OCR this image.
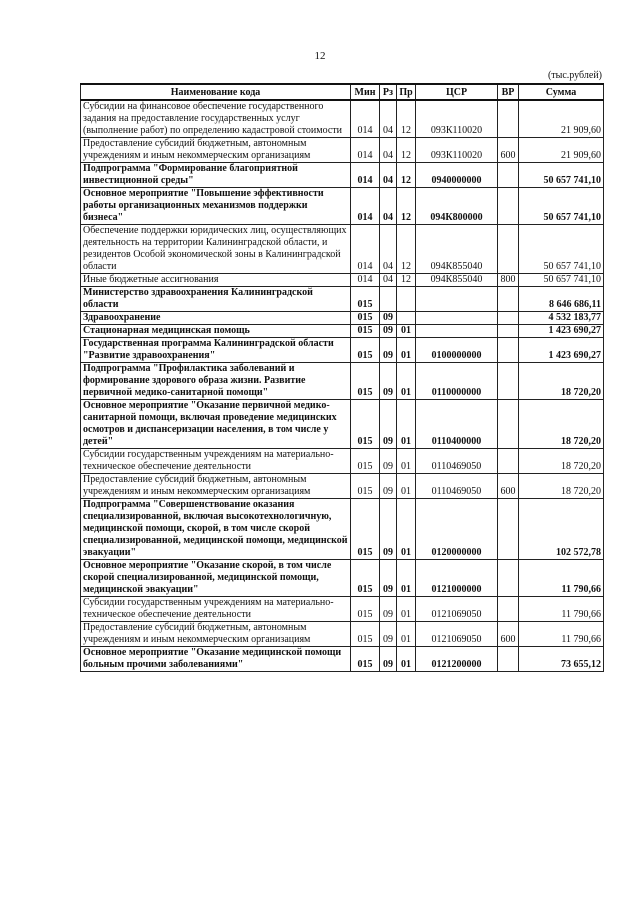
12
(тыс.рублей)
Наименование кода	Мин	Рз	Пр	ЦСР	ВР	Сумма
Субсидии на финансовое обеспечение государственного задания на предоставление государственных услуг (выполнение работ) по определению кадастровой стоимости	014	04	12	093К110020		21 909,60
Предоставление субсидий бюджетным, автономным учреждениям и иным некоммерческим организациям	014	04	12	093К110020	600	21 909,60
Подпрограмма "Формирование благоприятной инвестиционной среды"	014	04	12	0940000000		50 657 741,10
Основное мероприятие "Повышение эффективности работы организационных механизмов поддержки бизнеса"	014	04	12	094К800000		50 657 741,10
Обеспечение поддержки юридических лиц, осуществляющих деятельность на территории Калининградской области, и резидентов Особой экономической зоны в Калининградской области	014	04	12	094К855040		50 657 741,10
Иные бюджетные ассигнования	014	04	12	094К855040	800	50 657 741,10
Министерство здравоохранения Калининградской области	015					8 646 686,11
Здравоохранение	015	09				4 532 183,77
Стационарная медицинская помощь	015	09	01			1 423 690,27
Государственная программа Калининградской области "Развитие здравоохранения"	015	09	01	0100000000		1 423 690,27
Подпрограмма "Профилактика заболеваний и формирование здорового образа жизни. Развитие первичной медико-санитарной помощи"	015	09	01	0110000000		18 720,20
Основное мероприятие "Оказание первичной медико-санитарной помощи, включая проведение медицинских осмотров и диспансеризации населения, в том числе у детей"	015	09	01	0110400000		18 720,20
Субсидии государственным учреждениям на материально-техническое обеспечение деятельности	015	09	01	0110469050		18 720,20
Предоставление субсидий бюджетным, автономным учреждениям и иным некоммерческим организациям	015	09	01	0110469050	600	18 720,20
Подпрограмма "Совершенствование оказания специализированной, включая высокотехнологичную, медицинской помощи, скорой, в том числе скорой специализированной, медицинской помощи, медицинской эвакуации"	015	09	01	0120000000		102 572,78
Основное мероприятие "Оказание скорой, в том числе скорой специализированной, медицинской помощи, медицинской эвакуации"	015	09	01	0121000000		11 790,66
Субсидии государственным учреждениям на материально-техническое обеспечение деятельности	015	09	01	0121069050		11 790,66
Предоставление субсидий бюджетным, автономным учреждениям и иным некоммерческим организациям	015	09	01	0121069050	600	11 790,66
Основное мероприятие "Оказание медицинской помощи больным прочими заболеваниями"	015	09	01	0121200000		73 655,12
